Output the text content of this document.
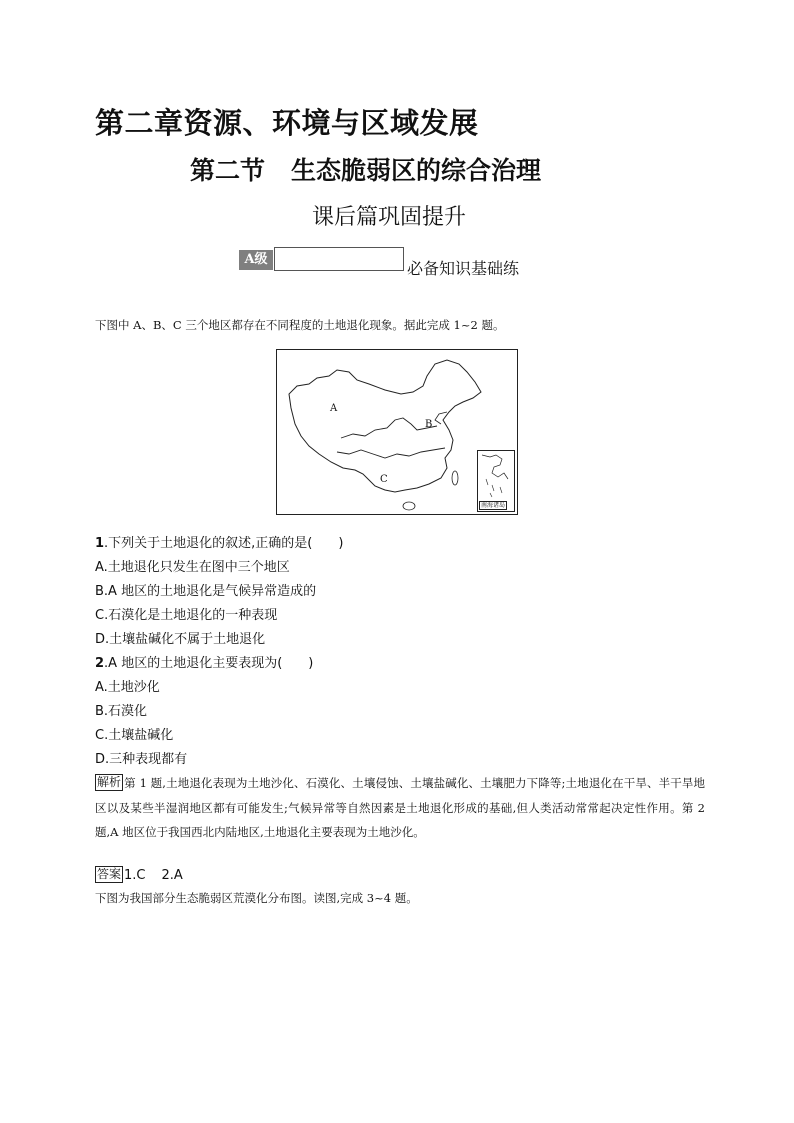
第二章资源、环境与区域发展
第二节 生态脆弱区的综合治理
课后篇巩固提升
A级	必备知识基础练
下图中 A、B、C 三个地区都存在不同程度的土地退化现象。据此完成 1~2 题。
A
B
C
南海诸岛
1.下列关于土地退化的叙述,正确的是(　　)
A.土地退化只发生在图中三个地区
B.A 地区的土地退化是气候异常造成的
C.石漠化是土地退化的一种表现
D.土壤盐碱化不属于土地退化
2.A 地区的土地退化主要表现为(　　)
A.土地沙化
B.石漠化
C.土壤盐碱化
D.三种表现都有
解析 第 1 题,土地退化表现为土地沙化、石漠化、土壤侵蚀、土壤盐碱化、土壤肥力下降等;土地退化在干旱、半干旱地区以及某些半湿润地区都有可能发生;气候异常等自然因素是土地退化形成的基础,但人类活动常常起决定性作用。第 2 题,A 地区位于我国西北内陆地区,土地退化主要表现为土地沙化。
答案 1.C 2.A
下图为我国部分生态脆弱区荒漠化分布图。读图,完成 3~4 题。
